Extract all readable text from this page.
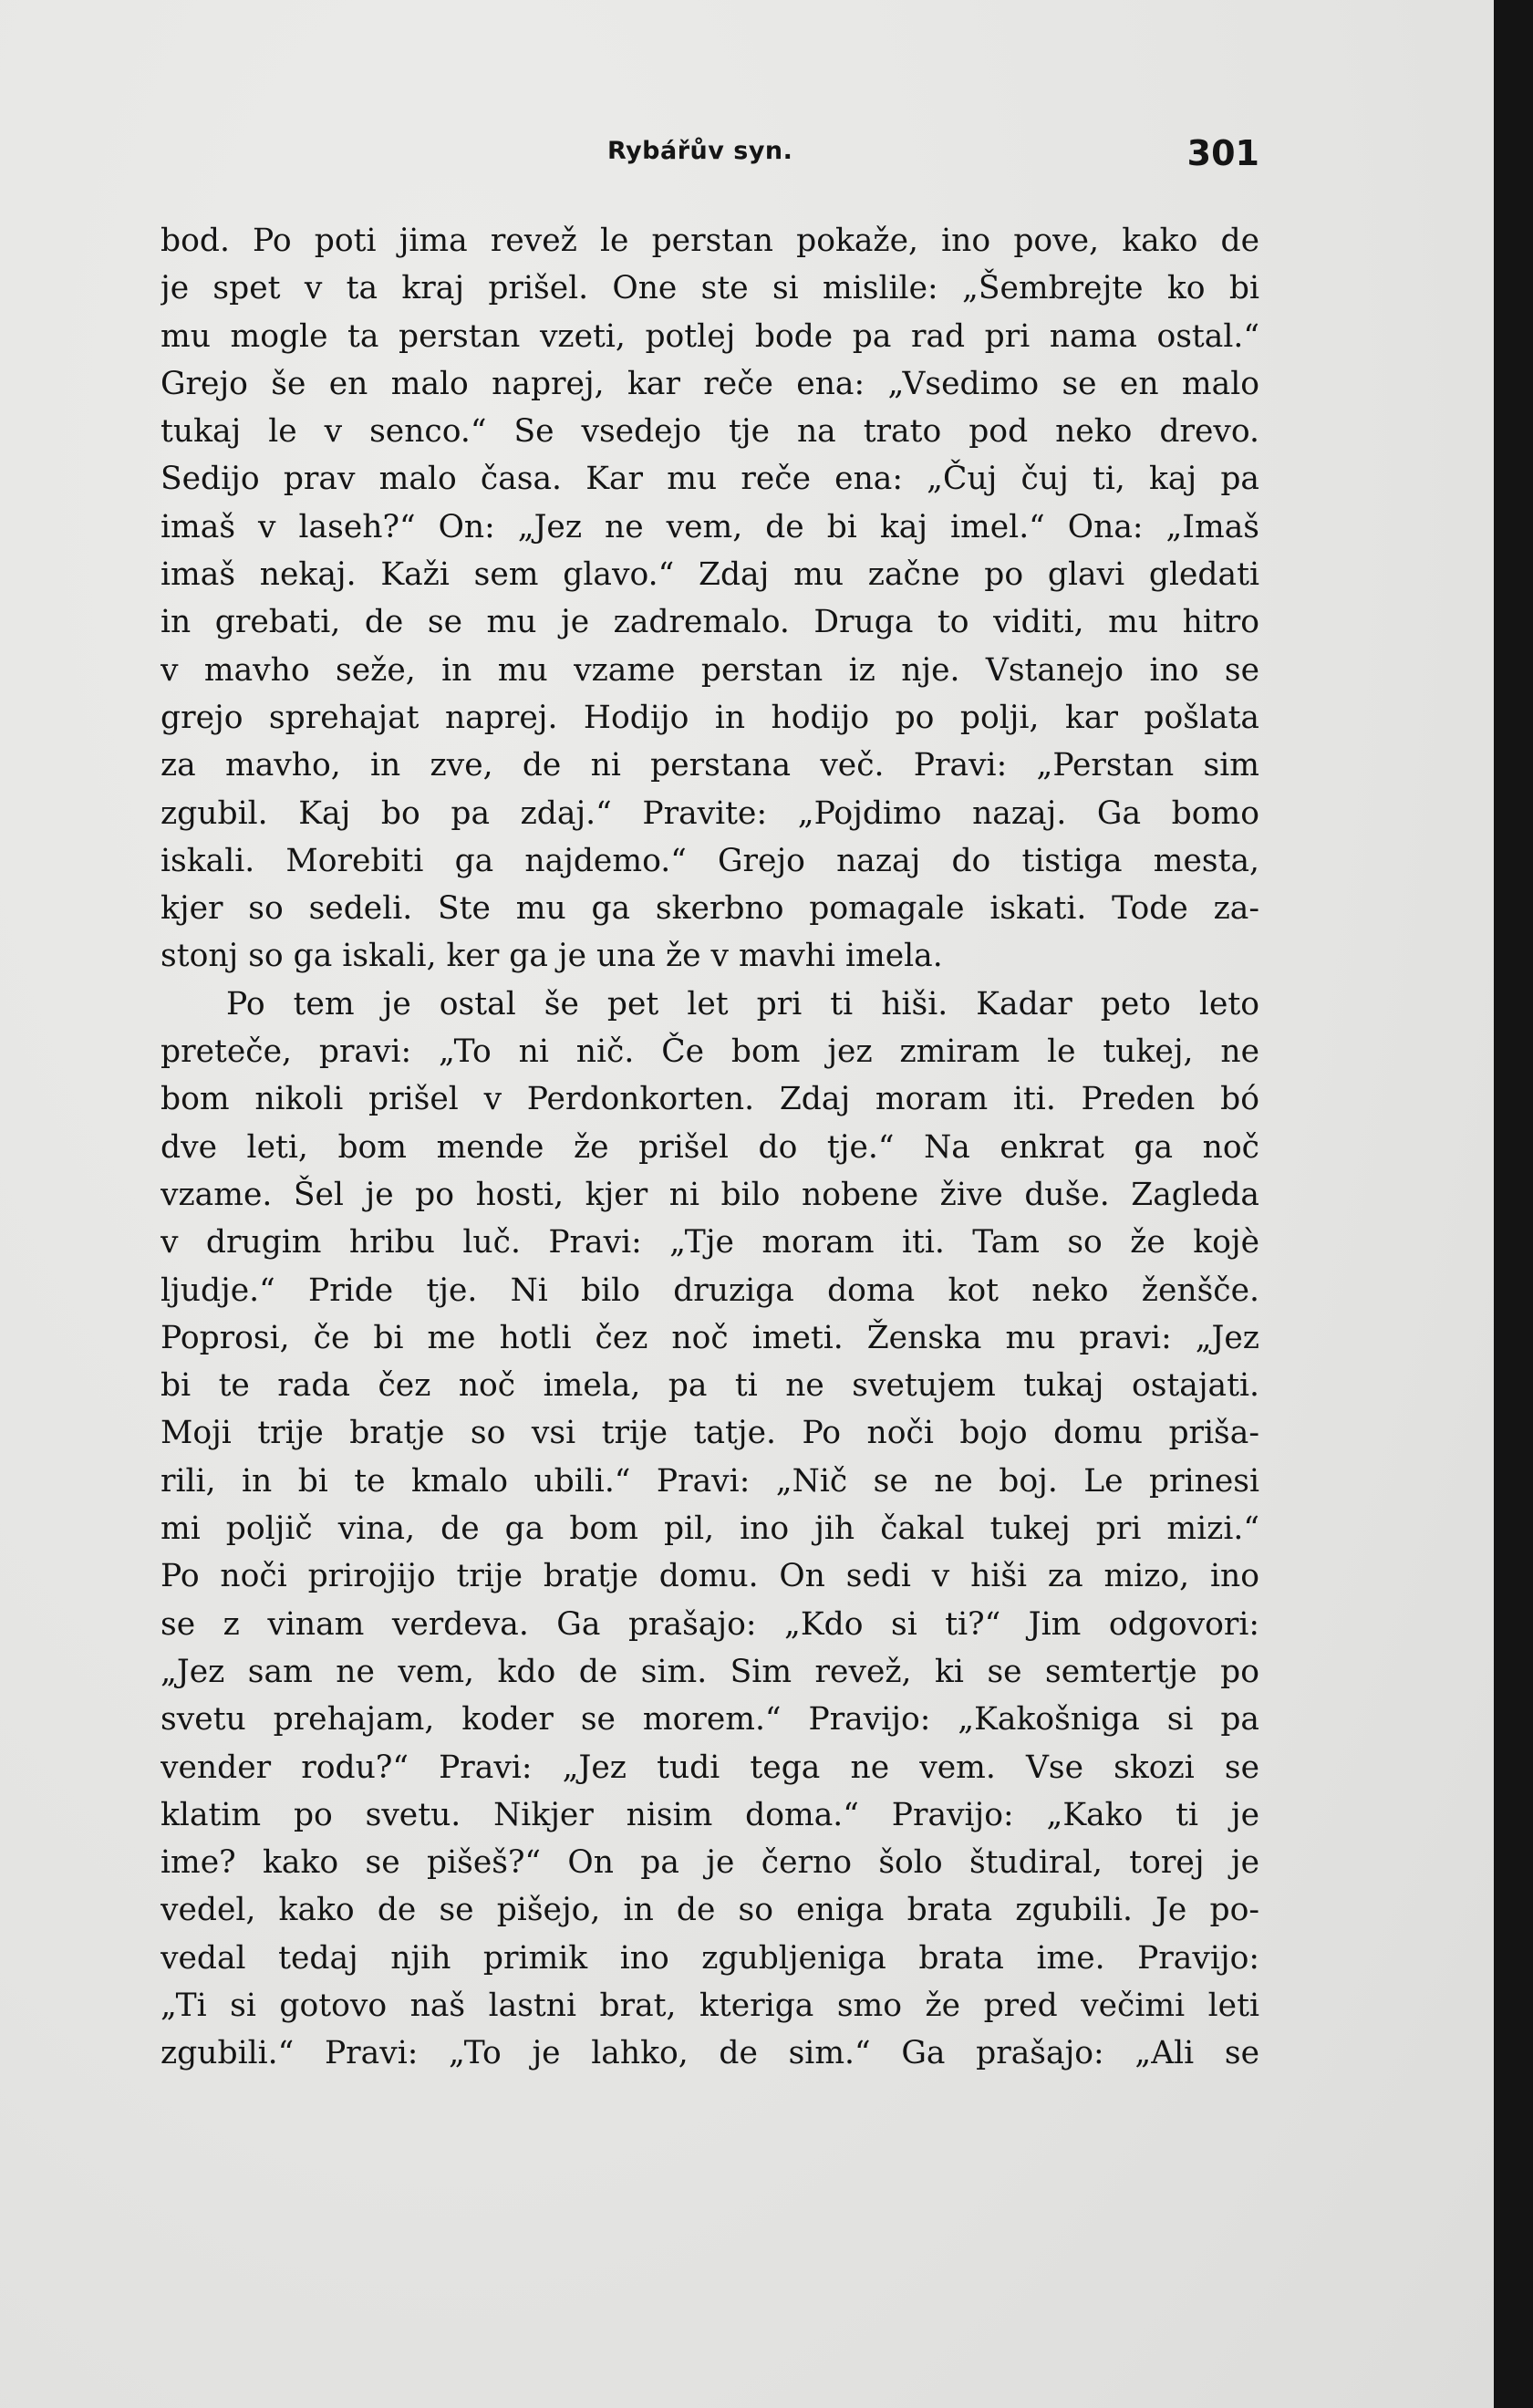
Rybářův syn.	301
bod. Po poti jima revež le perstan pokaže, ino pove, kako de
je spet v ta kraj prišel. One ste si mislile: „Šembrejte ko bi
mu mogle ta perstan vzeti, potlej bode pa rad pri nama ostal.“
Grejo še en malo naprej, kar reče ena: „Vsedimo se en malo
tukaj le v senco.“ Se vsedejo tje na trato pod neko drevo.
Sedijo prav malo časa. Kar mu reče ena: „Čuj čuj ti, kaj pa
imaš v laseh?“ On: „Jez ne vem, de bi kaj imel.“ Ona: „Imaš
imaš nekaj. Kaži sem glavo.“ Zdaj mu začne po glavi gledati
in grebati, de se mu je zadremalo. Druga to viditi, mu hitro
v mavho seže, in mu vzame perstan iz nje. Vstanejo ino se
grejo sprehajat naprej. Hodijo in hodijo po polji, kar pošlata
za mavho, in zve, de ni perstana več. Pravi: „Perstan sim
zgubil. Kaj bo pa zdaj.“ Pravite: „Pojdimo nazaj. Ga bomo
iskali. Morebiti ga najdemo.“ Grejo nazaj do tistiga mesta,
kjer so sedeli. Ste mu ga skerbno pomagale iskati. Tode za-
stonj so ga iskali, ker ga je una že v mavhi imela.
Po tem je ostal še pet let pri ti hiši. Kadar peto leto
preteče, pravi: „To ni nič. Če bom jez zmiram le tukej, ne
bom nikoli prišel v Perdonkorten. Zdaj moram iti. Preden bó
dve leti, bom mende že prišel do tje.“ Na enkrat ga noč
vzame. Šel je po hosti, kjer ni bilo nobene žive duše. Zagleda
v drugim hribu luč. Pravi: „Tje moram iti. Tam so že kojè
ljudje.“ Pride tje. Ni bilo druziga doma kot neko ženšče.
Poprosi, če bi me hotli čez noč imeti. Ženska mu pravi: „Jez
bi te rada čez noč imela, pa ti ne svetujem tukaj ostajati.
Moji trije bratje so vsi trije tatje. Po noči bojo domu priša-
rili, in bi te kmalo ubili.“ Pravi: „Nič se ne boj. Le prinesi
mi poljič vina, de ga bom pil, ino jih čakal tukej pri mizi.“
Po noči prirojijo trije bratje domu. On sedi v hiši za mizo, ino
se z vinam verdeva. Ga prašajo: „Kdo si ti?“ Jim odgovori:
„Jez sam ne vem, kdo de sim. Sim revež, ki se semtertje po
svetu prehajam, koder se morem.“ Pravijo: „Kakošniga si pa
vender rodu?“ Pravi: „Jez tudi tega ne vem. Vse skozi se
klatim po svetu. Nikjer nisim doma.“ Pravijo: „Kako ti je
ime? kako se pišeš?“ On pa je černo šolo študiral, torej je
vedel, kako de se pišejo, in de so eniga brata zgubili. Je po-
vedal tedaj njih primik ino zgubljeniga brata ime. Pravijo:
„Ti si gotovo naš lastni brat, kteriga smo že pred večimi leti
zgubili.“ Pravi: „To je lahko, de sim.“ Ga prašajo: „Ali se
